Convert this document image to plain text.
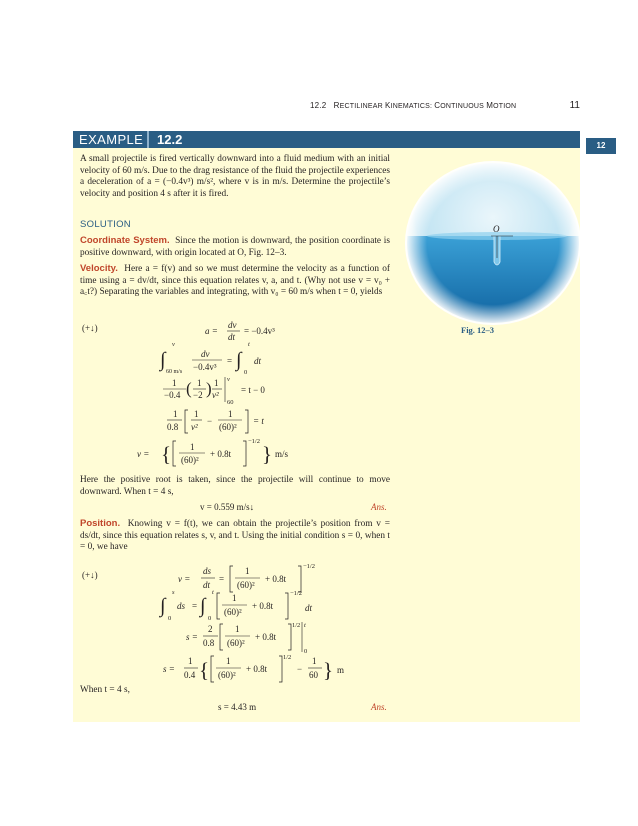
12.2 RECTILINEAR KINEMATICS: CONTINUOUS MOTION	11
12
EXAMPLE 12.2

A small projectile is fired vertically downward into a fluid medium with an initial velocity of 60 m/s. Due to the drag resistance of the fluid the projectile experiences a deceleration of a = (−0.4v³) m/s², where v is in m/s. Determine the projectile’s velocity and position 4 s after it is fired.

SOLUTION

Coordinate System. Since the motion is downward, the position coordinate is positive downward, with origin located at O, Fig. 12–3.

Velocity. Here a = f(v) and so we must determine the velocity as a function of time using a = dv/dt, since this equation relates v, a, and t. (Why not use v = v₀ + a꜀t?) Separating the variables and integrating, with v₀ = 60 m/s when t = 0, yields

(+↓)	a =
dv
dt
= −0.4v³
∫
v
60 m/s
dv
−0.4v³
= ∫
t
0
dt
1
−0.4 ( 1
−2 ) 1
v²
v
60
= t − 0
1
0.8
1
v²
−
1
(60)²
= t
v = { 1
(60)²
+ 0.8t
−1/2
} m/s

Here the positive root is taken, since the projectile will continue to move downward. When t = 4 s,

v = 0.559 m/s↓	Ans.

Position. Knowing v = f(t), we can obtain the projectile’s position from v = ds/dt, since this equation relates s, v, and t. Using the initial condition s = 0, when t = 0, we have

(+↓)	v =
ds
dt
=
1
(60)²
+ 0.8t
−1/2
∫
s
0
ds = ∫
t
0
1
(60)²
+ 0.8t
−1/2
dt
s =
2
0.8
1
(60)²
+ 0.8t
1/2 t
0
s =
1
0.4 { 1
(60)²
+ 0.8t
1/2
−
1
60 } m
When t = 4 s,
s = 4.43 m	Ans.
O
Fig. 12–3
